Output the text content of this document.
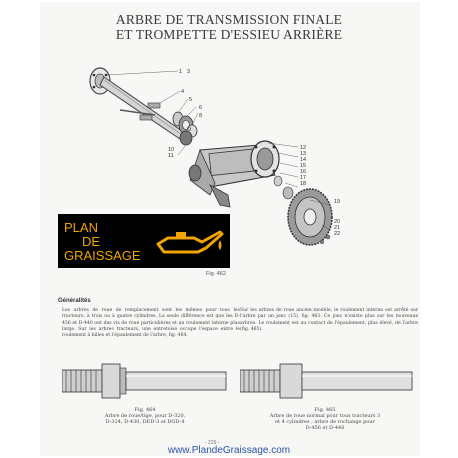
ARBRE DE TRANSMISSION FINALE
ET TROMPETTE D'ESSIEU ARRIÈRE
1 3
4
5
6
8
9
10
11
12
13
14
15
16
17
18
19
20
21
22
PLAN
DE
GRAISSAGE
Fig. 462
Généralités
Les arbres de roue de remplacement sont les mêmes pour tous les tracteurs, à trois ou à quatre cylindres. La seule différence est que les D-456 et D-440 ont des vis de roue particulières et un roulement interne plus large. Sur les arbres tracteurs, une entretoise occupe l'espace entre le roulement à billes et l'épaulement de l'arbre, fig. 464.
Sur les arbres de roue ancien modèle, le roulement interne est arrêté sur l'arbre par un jonc (15), fig. 463. Ce jonc n'existe plus sur les nouveaux arbres. Le roulement est au contact de l'épaulement, plus élevé, de l'arbre (fig. 465).
Fig. 464
Arbre de roue/tige, pour D-320,
D-324, D-430, DED-3 et DGD-4
Fig. 465
Arbre de roue normal pour tous tracteurs 3
et 4 cylindres ; arbre de rochange pour
D-456 et D-440
- 229 -
www.PlandeGraissage.com
